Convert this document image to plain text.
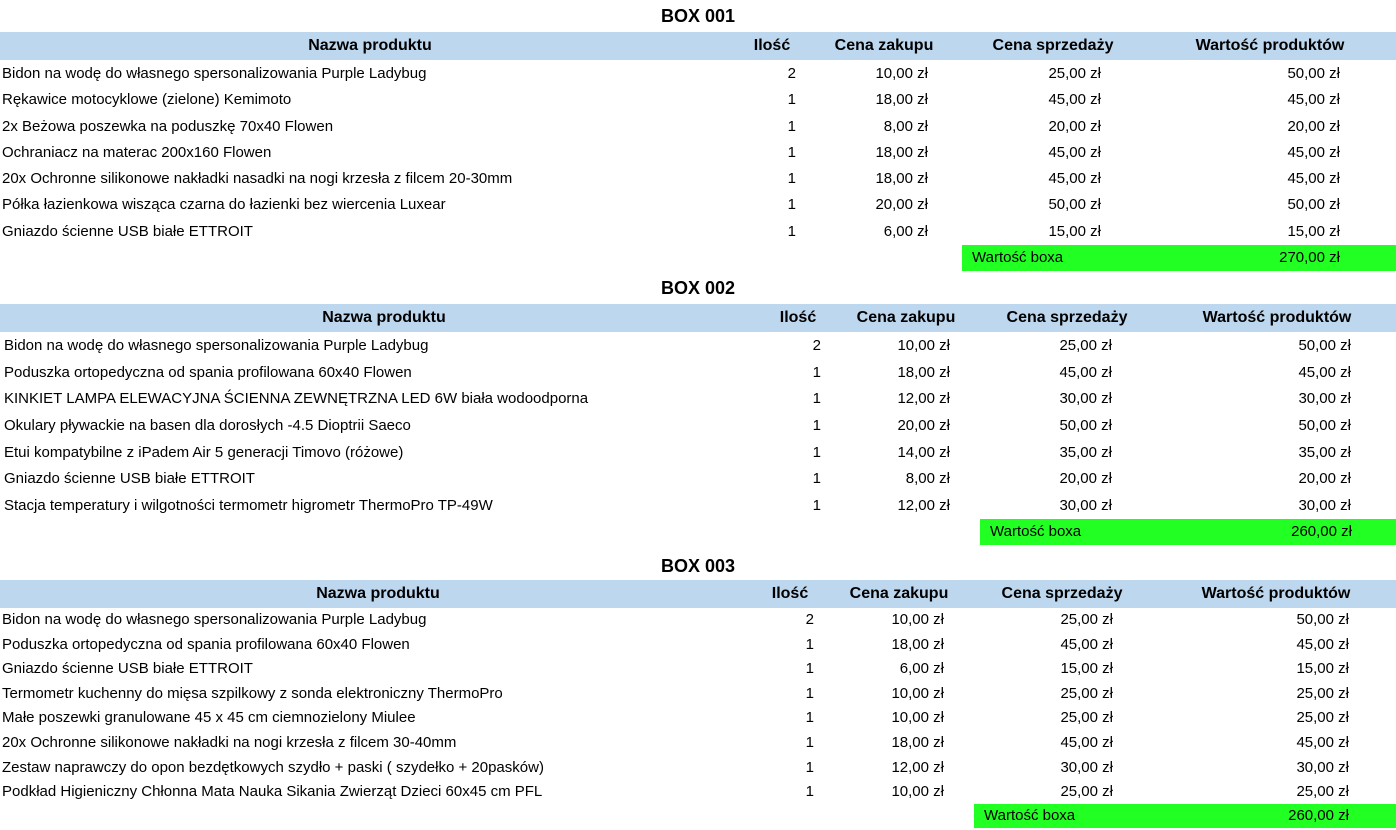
BOX 001
Nazwa produktu	Ilość	Cena zakupu	Cena sprzedaży	Wartość produktów
Bidon na wodę do własnego spersonalizowania Purple Ladybug	2	10,00 zł	25,00 zł	50,00 zł
Rękawice motocyklowe (zielone) Kemimoto	1	18,00 zł	45,00 zł	45,00 zł
2x Beżowa poszewka na poduszkę 70x40 Flowen	1	8,00 zł	20,00 zł	20,00 zł
Ochraniacz na materac 200x160 Flowen	1	18,00 zł	45,00 zł	45,00 zł
20x Ochronne silikonowe nakładki nasadki na nogi krzesła z filcem 20-30mm	1	18,00 zł	45,00 zł	45,00 zł
Półka łazienkowa wisząca czarna do łazienki bez wiercenia Luxear	1	20,00 zł	50,00 zł	50,00 zł
Gniazdo ścienne USB białe ETTROIT	1	6,00 zł	15,00 zł	15,00 zł
Wartość boxa	270,00 zł
BOX 002
Nazwa produktu	Ilość	Cena zakupu	Cena sprzedaży	Wartość produktów
Bidon na wodę do własnego spersonalizowania Purple Ladybug	2	10,00 zł	25,00 zł	50,00 zł
Poduszka ortopedyczna od spania profilowana 60x40 Flowen	1	18,00 zł	45,00 zł	45,00 zł
KINKIET LAMPA ELEWACYJNA ŚCIENNA ZEWNĘTRZNA LED 6W biała wodoodporna	1	12,00 zł	30,00 zł	30,00 zł
Okulary pływackie na basen dla dorosłych -4.5 Dioptrii Saeco	1	20,00 zł	50,00 zł	50,00 zł
Etui kompatybilne z iPadem Air 5 generacji Timovo (różowe)	1	14,00 zł	35,00 zł	35,00 zł
Gniazdo ścienne USB białe ETTROIT	1	8,00 zł	20,00 zł	20,00 zł
Stacja temperatury i wilgotności termometr higrometr ThermoPro TP-49W	1	12,00 zł	30,00 zł	30,00 zł
Wartość boxa	260,00 zł
BOX 003
Nazwa produktu	Ilość	Cena zakupu	Cena sprzedaży	Wartość produktów
Bidon na wodę do własnego spersonalizowania Purple Ladybug	2	10,00 zł	25,00 zł	50,00 zł
Poduszka ortopedyczna od spania profilowana 60x40 Flowen	1	18,00 zł	45,00 zł	45,00 zł
Gniazdo ścienne USB białe ETTROIT	1	6,00 zł	15,00 zł	15,00 zł
Termometr kuchenny do mięsa szpilkowy z sonda elektroniczny ThermoPro	1	10,00 zł	25,00 zł	25,00 zł
Małe poszewki granulowane 45 x 45 cm ciemnozielony Miulee	1	10,00 zł	25,00 zł	25,00 zł
20x Ochronne silikonowe nakładki na nogi krzesła z filcem 30-40mm	1	18,00 zł	45,00 zł	45,00 zł
Zestaw naprawczy do opon bezdętkowych szydło + paski ( szydełko + 20pasków)	1	12,00 zł	30,00 zł	30,00 zł
Podkład Higieniczny Chłonna Mata Nauka Sikania Zwierząt Dzieci 60x45 cm PFL	1	10,00 zł	25,00 zł	25,00 zł
Wartość boxa	260,00 zł
